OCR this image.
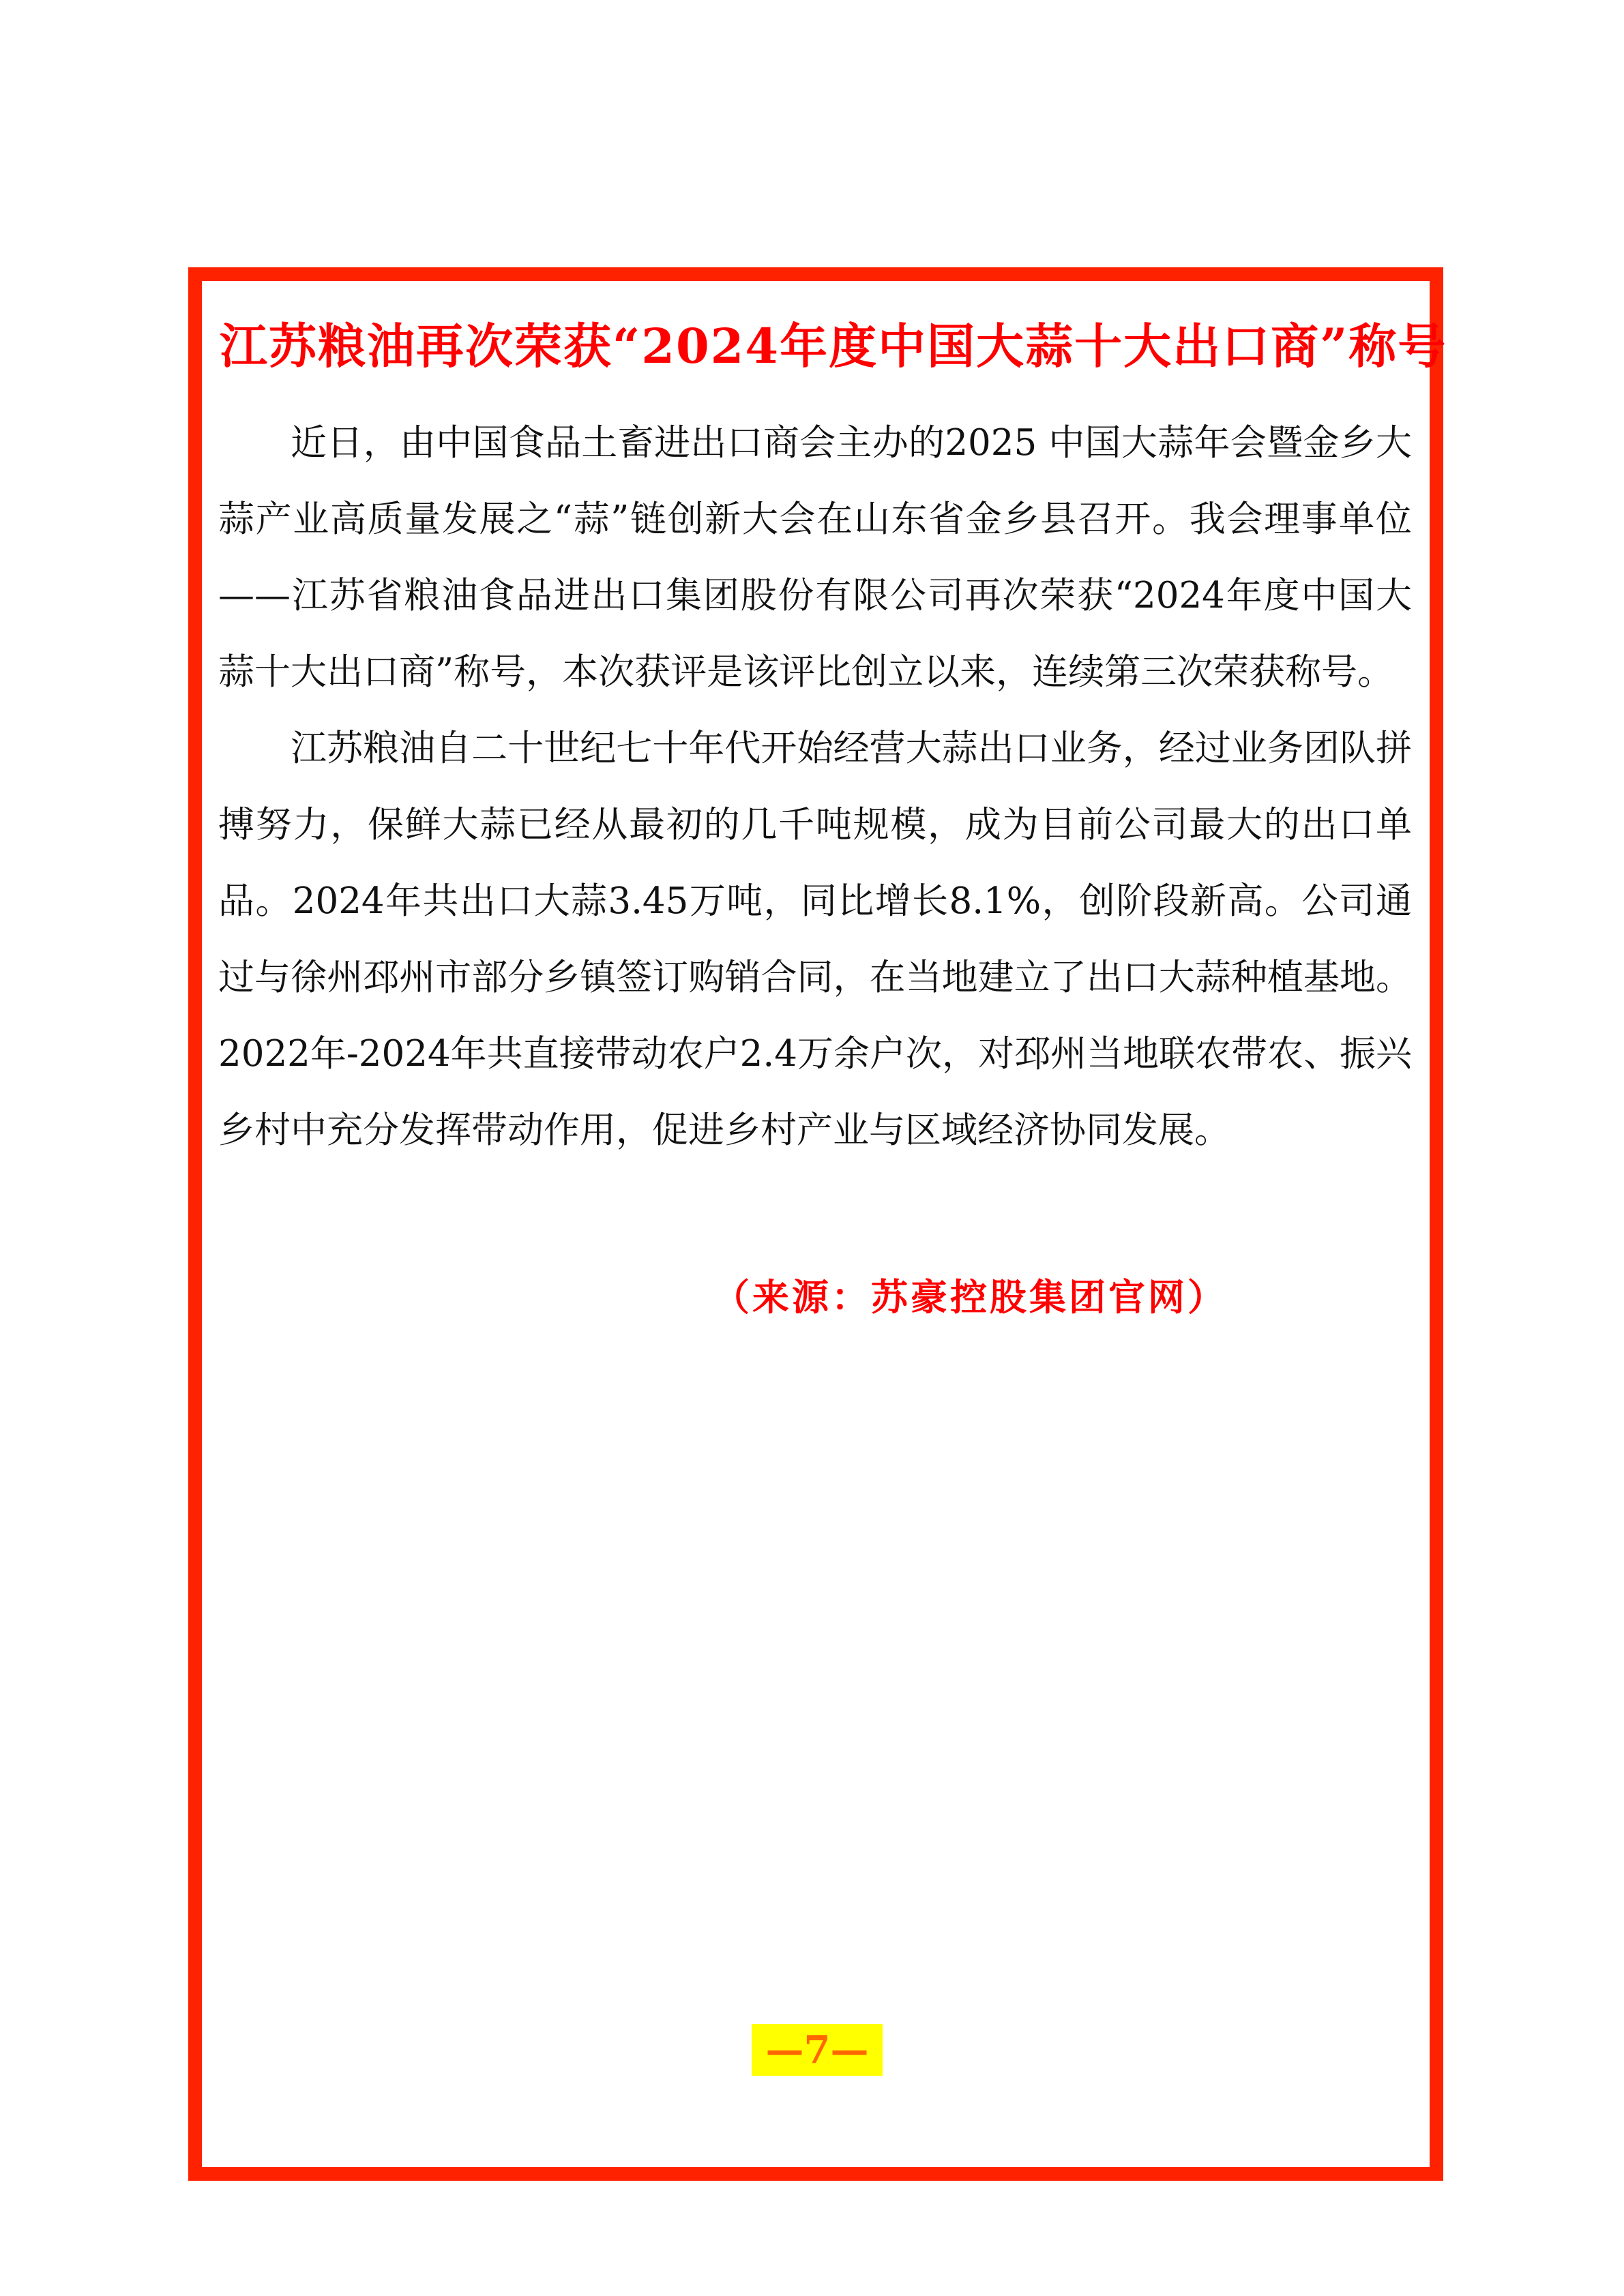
江苏粮油再次荣获“2024年度中国大蒜十大出口商”称号

近日，由中国食品土畜进出口商会主办的2025 中国大蒜年会暨金乡大蒜产业高质量发展之“蒜”链创新大会在山东省金乡县召开。我会理事单位——江苏省粮油食品进出口集团股份有限公司再次荣获“2024年度中国大蒜十大出口商”称号，本次获评是该评比创立以来，连续第三次荣获称号。

江苏粮油自二十世纪七十年代开始经营大蒜出口业务，经过业务团队拼搏努力，保鲜大蒜已经从最初的几千吨规模，成为目前公司最大的出口单品。2024年共出口大蒜3.45万吨，同比增长8.1%，创阶段新高。公司通过与徐州邳州市部分乡镇签订购销合同，在当地建立了出口大蒜种植基地。2022年-2024年共直接带动农户2.4万余户次，对邳州当地联农带农、振兴乡村中充分发挥带动作用，促进乡村产业与区域经济协同发展。

（来源：苏豪控股集团官网）
—7—
